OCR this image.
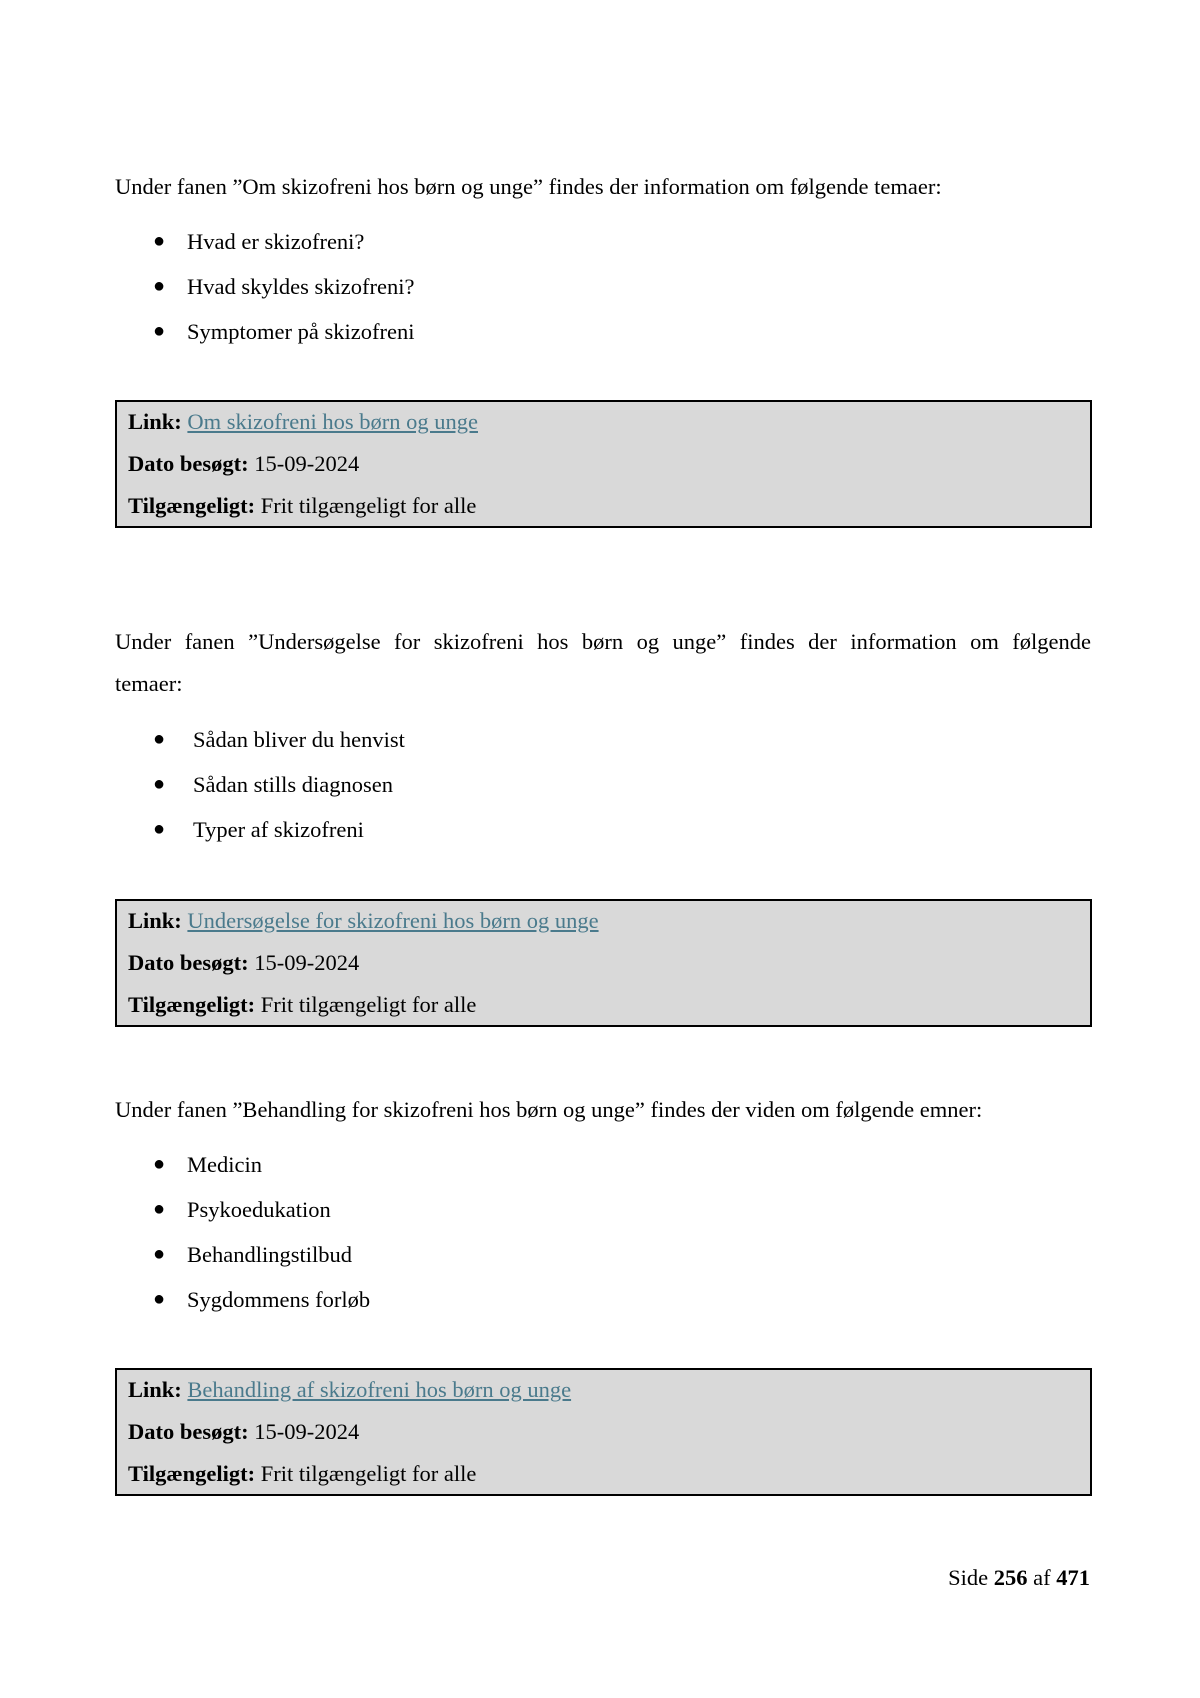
Under fanen ”Om skizofreni hos børn og unge” findes der information om følgende temaer:

● Hvad er skizofreni?
● Hvad skyldes skizofreni?
● Symptomer på skizofreni
Link: Om skizofreni hos børn og unge
Dato besøgt: 15-09-2024
Tilgængeligt: Frit tilgængeligt for alle

Under fanen ”Undersøgelse for skizofreni hos børn og unge” findes der information om følgende

temaer:

● Sådan bliver du henvist
● Sådan stills diagnosen
● Typer af skizofreni
Link: Undersøgelse for skizofreni hos børn og unge
Dato besøgt: 15-09-2024
Tilgængeligt: Frit tilgængeligt for alle

Under fanen ”Behandling for skizofreni hos børn og unge” findes der viden om følgende emner:

● Medicin
● Psykoedukation
● Behandlingstilbud
● Sygdommens forløb
Link: Behandling af skizofreni hos børn og unge
Dato besøgt: 15-09-2024
Tilgængeligt: Frit tilgængeligt for alle
Side 256 af 471
